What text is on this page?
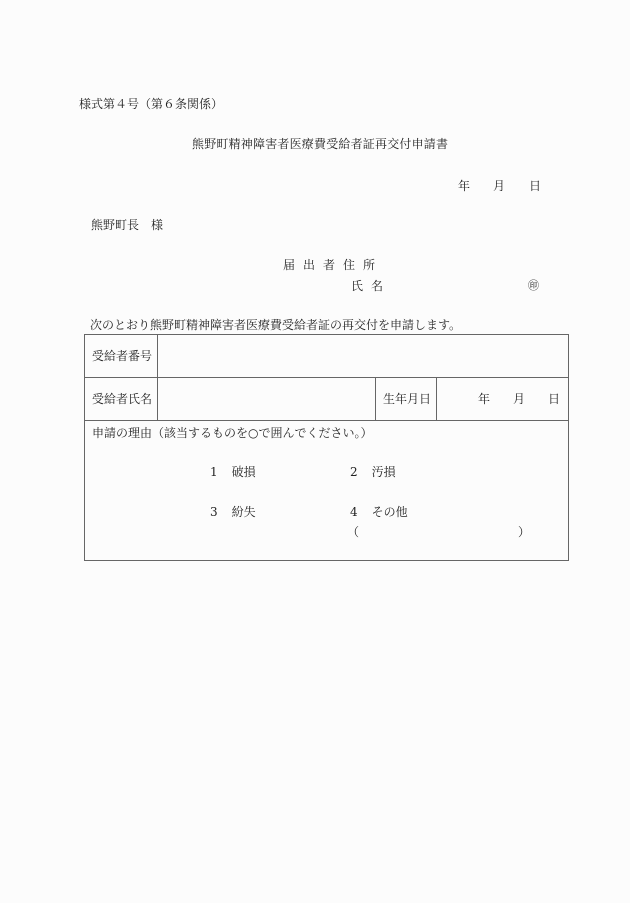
様式第４号（第６条関係）
熊野町精神障害者医療費受給者証再交付申請書
年 月 日
熊野町長　様
届出者住所
氏名	㊞
次のとおり熊野町精神障害者医療費受給者証の再交付を申請します。
受給者番号
受給者氏名	生年月日	年 月 日
申請の理由（該当するものを○で囲んでください。）
1 破損	2 汚損
3 紛失	4 その他
（	）
